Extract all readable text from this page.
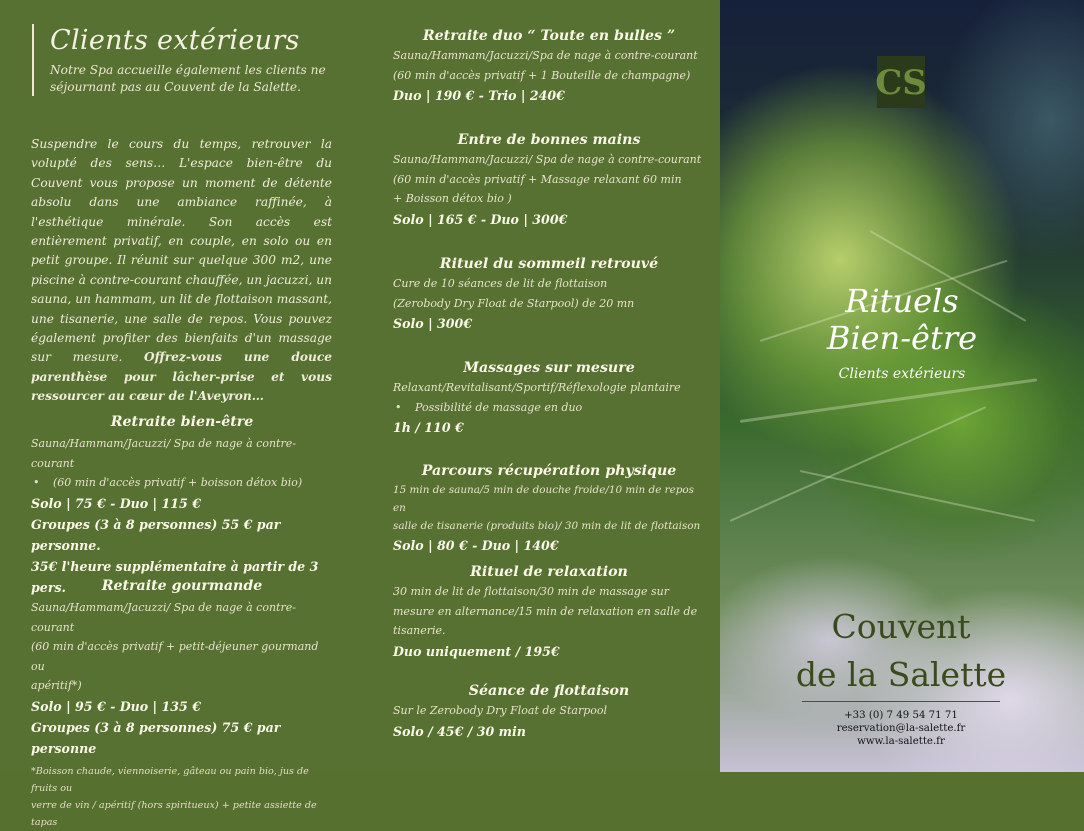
Clients extérieurs
Notre Spa accueille également les clients ne
séjournant pas au Couvent de la Salette.
Suspendre le cours du temps, retrouver la volupté des sens… L'espace bien-être du Couvent vous propose un moment de détente absolu dans une ambiance raffinée, à l'esthétique minérale. Son accès est entièrement privatif, en couple, en solo ou en petit groupe. Il réunit sur quelque 300 m2, une piscine à contre-courant chauffée, un jacuzzi, un sauna, un hammam, un lit de flottaison massant, une tisanerie, une salle de repos. Vous pouvez également profiter des bienfaits d'un massage sur mesure. Offrez-vous une douce parenthèse pour lâcher-prise et vous ressourcer au cœur de l'Aveyron…
Retraite bien-être
Sauna/Hammam/Jacuzzi/ Spa de nage à contre-courant
• (60 min d'accès privatif + boisson détox bio)
Solo | 75 € - Duo | 115 €
Groupes (3 à 8 personnes) 55 € par personne.
35€ l'heure supplémentaire à partir de 3 pers.	Retraite gourmande
Sauna/Hammam/Jacuzzi/ Spa de nage à contre-courant
(60 min d'accès privatif + petit-déjeuner gourmand ou
apéritif*)
Solo | 95 € - Duo | 135 €
Groupes (3 à 8 personnes) 75 € par personne
*Boisson chaude, viennoiserie, gâteau ou pain bio, jus de fruits ou
verre de vin / apéritif (hors spiritueux) + petite assiette de tapas
Retraite duo “ Toute en bulles ”
Sauna/Hammam/Jacuzzi/Spa de nage à contre-courant
(60 min d'accès privatif + 1 Bouteille de champagne)
Duo | 190 € - Trio | 240€
Entre de bonnes mains
Sauna/Hammam/Jacuzzi/ Spa de nage à contre-courant
(60 min d'accès privatif + Massage relaxant 60 min
+ Boisson détox bio )
Solo | 165 € - Duo | 300€
Rituel du sommeil retrouvé
Cure de 10 séances de lit de flottaison
(Zerobody Dry Float de Starpool) de 20 mn
Solo | 300€
Massages sur mesure
Relaxant/Revitalisant/Sportif/Réflexologie plantaire
• Possibilité de massage en duo
1h / 110 €
Parcours récupération physique
15 min de sauna/5 min de douche froide/10 min de repos en
salle de tisanerie (produits bio)/ 30 min de lit de flottaison
Solo | 80 € - Duo | 140€
Rituel de relaxation
30 min de lit de flottaison/30 min de massage sur
mesure en alternance/15 min de relaxation en salle de
tisanerie.
Duo uniquement / 195€
Séance de flottaison
Sur le Zerobody Dry Float de Starpool
Solo / 45€ / 30 min
CS
Rituels
Bien-être
Clients extérieurs
Couvent
de la Salette
+33 (0) 7 49 54 71 71
reservation@la-salette.fr
www.la-salette.fr
